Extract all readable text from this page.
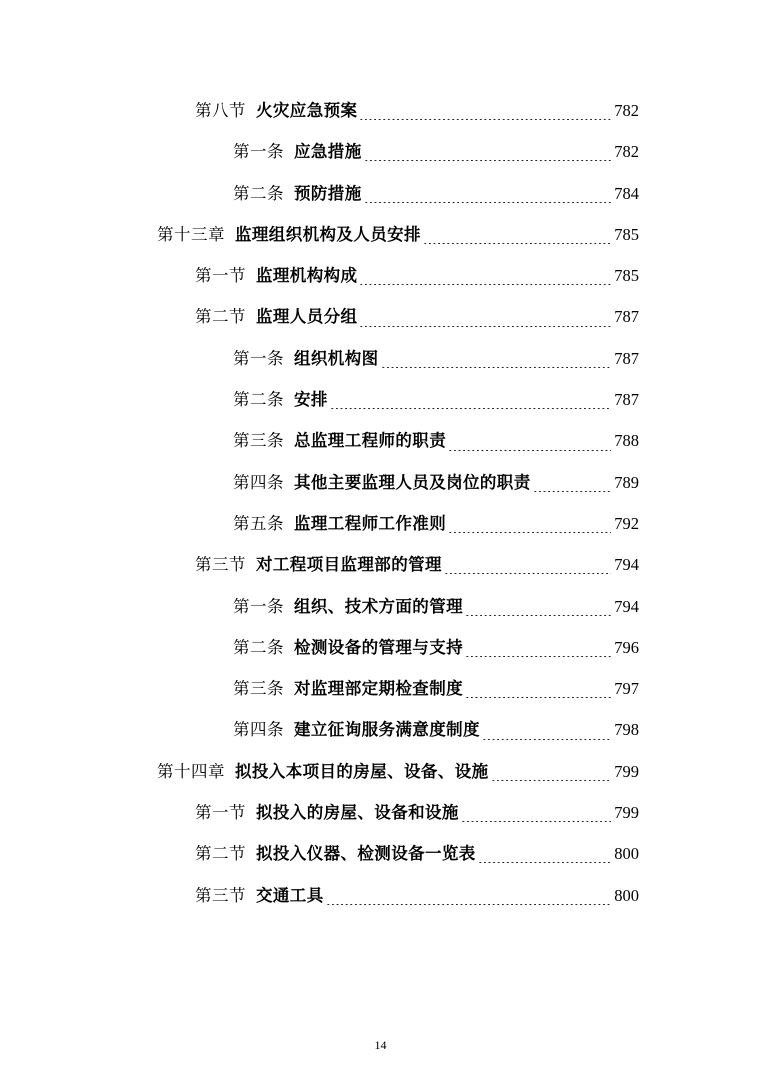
第八节 火灾应急预案	782
第一条 应急措施	782
第二条 预防措施	784
第十三章 监理组织机构及人员安排	785
第一节 监理机构构成	785
第二节 监理人员分组	787
第一条 组织机构图	787
第二条 安排	787
第三条 总监理工程师的职责	788
第四条 其他主要监理人员及岗位的职责	789
第五条 监理工程师工作准则	792
第三节 对工程项目监理部的管理	794
第一条 组织、技术方面的管理	794
第二条 检测设备的管理与支持	796
第三条 对监理部定期检查制度	797
第四条 建立征询服务满意度制度	798
第十四章 拟投入本项目的房屋、设备、设施	799
第一节 拟投入的房屋、设备和设施	799
第二节 拟投入仪器、检测设备一览表	800
第三节 交通工具	800
14
